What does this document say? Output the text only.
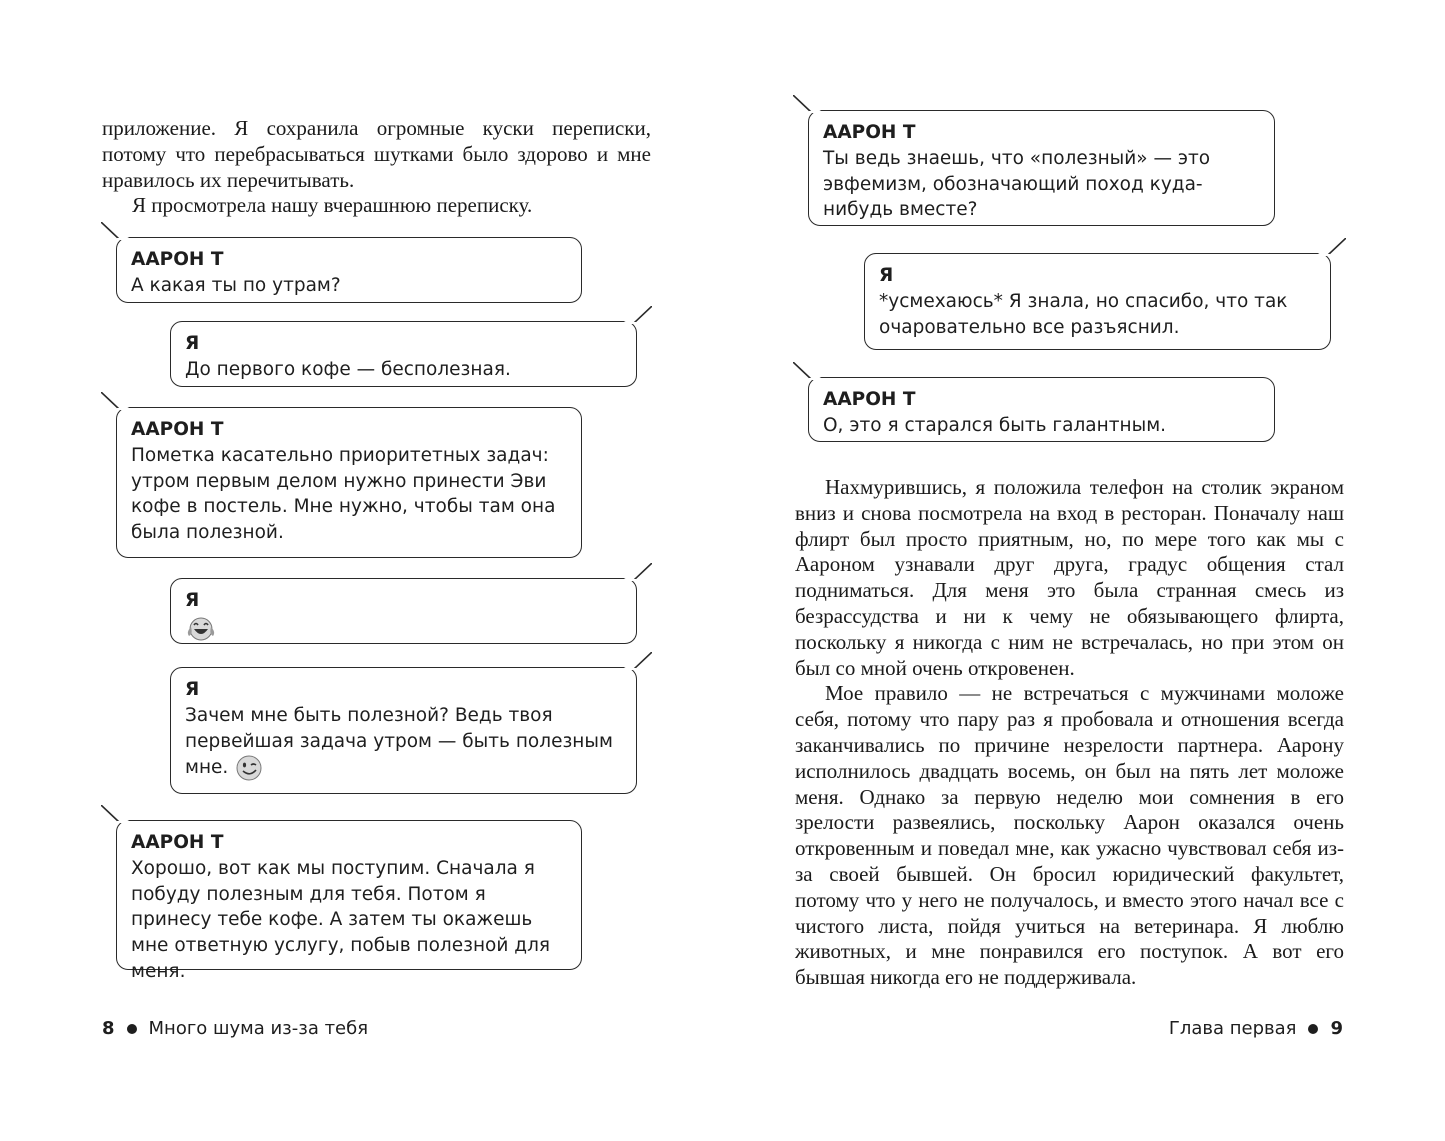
приложение. Я сохранила огромные куски переписки, потому что перебрасываться шутками было здорово и мне нравилось их перечитывать.

Я просмотрела нашу вчерашнюю переписку.

ААРОН Т
А какая ты по утрам?
Я
До первого кофе — бесполезная.
ААРОН Т
Пометка касательно приоритетных задач: утром первым делом нужно принести Эви кофе в постель. Мне нужно, чтобы там она была полезной.
Я
Я
Зачем мне быть полезной? Ведь твоя первейшая задача утром — быть полезным мне.
ААРОН Т
Хорошо, вот как мы поступим. Сначала я побуду полезным для тебя. Потом я принесу тебе кофе. А затем ты окажешь мне ответную услугу, побыв полезной для меня.
8 Много шума из-за тебя
ААРОН Т
Ты ведь знаешь, что «полезный» — это эвфемизм, обозначающий поход куда-нибудь вместе?
Я
*усмехаюсь* Я знала, но спасибо, что так очаровательно все разъяснил.
ААРОН Т
О, это я старался быть галантным.

Нахмурившись, я положила телефон на столик экраном вниз и снова посмотрела на вход в ресторан. Поначалу наш флирт был просто приятным, но, по мере того как мы с Аароном узнавали друг друга, градус общения стал подниматься. Для меня это была странная смесь из безрассудства и ни к чему не обязывающего флирта, поскольку я никогда с ним не встречалась, но при этом он был со мной очень откровенен.

Мое правило — не встречаться с мужчинами моложе себя, потому что пару раз я пробовала и отношения всегда заканчивались по причине незрелости партнера. Аарону исполнилось двадцать восемь, он был на пять лет моложе меня. Однако за первую неделю мои сомнения в его зрелости развеялись, поскольку Аарон оказался очень откровенным и поведал мне, как ужасно чувствовал себя из-за своей бывшей. Он бросил юридический факультет, потому что у него не получалось, и вместо этого начал все с чистого листа, пойдя учиться на ветеринара. Я люблю животных, и мне понравился его поступок. А вот его бывшая никогда его не поддерживала.

Глава первая 9
